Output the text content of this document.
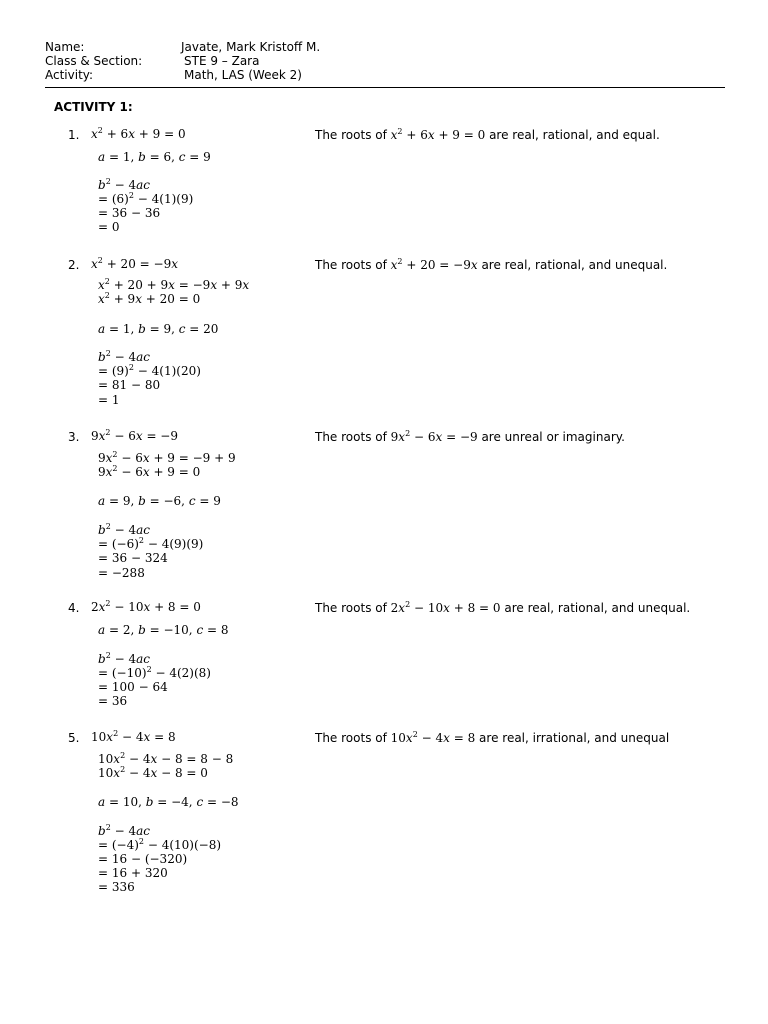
Name:	Javate, Mark Kristoff M.
Class & Section:	STE 9 – Zara
Activity:	Math, LAS (Week 2)
ACTIVITY 1:
1. $x^2 + 6x + 9 = 0$	The roots of $x^2 + 6x + 9 = 0$ are real, rational, and equal.
a = 1, b = 6, c = 9
$b^2 - 4ac$
= $(6)^2 - 4(1)(9)$
= 36 − 36
= 0
2. $x^2 + 20 = -9x$	The roots of $x^2 + 20 = -9x$ are real, rational, and unequal.
$x^2 + 20 + 9x = -9x + 9x$
$x^2 + 9x + 20 = 0$
a = 1, b = 9, c = 20
$b^2 - 4ac$
= $(9)^2 - 4(1)(20)$
= 81 − 80
= 1
3. $9x^2 - 6x = -9$	The roots of $9x^2 - 6x = -9$ are unreal or imaginary.
$9x^2 - 6x + 9 = -9 + 9$
$9x^2 - 6x + 9 = 0$
a = 9, b = −6, c = 9
$b^2 - 4ac$
= $(-6)^2 - 4(9)(9)$
= 36 − 324
= −288
4. $2x^2 - 10x + 8 = 0$	The roots of $2x^2 - 10x + 8 = 0$ are real, rational, and unequal.
a = 2, b = −10, c = 8
$b^2 - 4ac$
= $(-10)^2 - 4(2)(8)$
= 100 − 64
= 36
5. $10x^2 - 4x = 8$	The roots of $10x^2 - 4x = 8$ are real, irrational, and unequal
$10x^2 - 4x - 8 = 8 - 8$
$10x^2 - 4x - 8 = 0$
a = 10, b = −4, c = −8
$b^2 - 4ac$
= $(-4)^2 - 4(10)(-8)$
= 16 − (−320)
= 16 + 320
= 336
